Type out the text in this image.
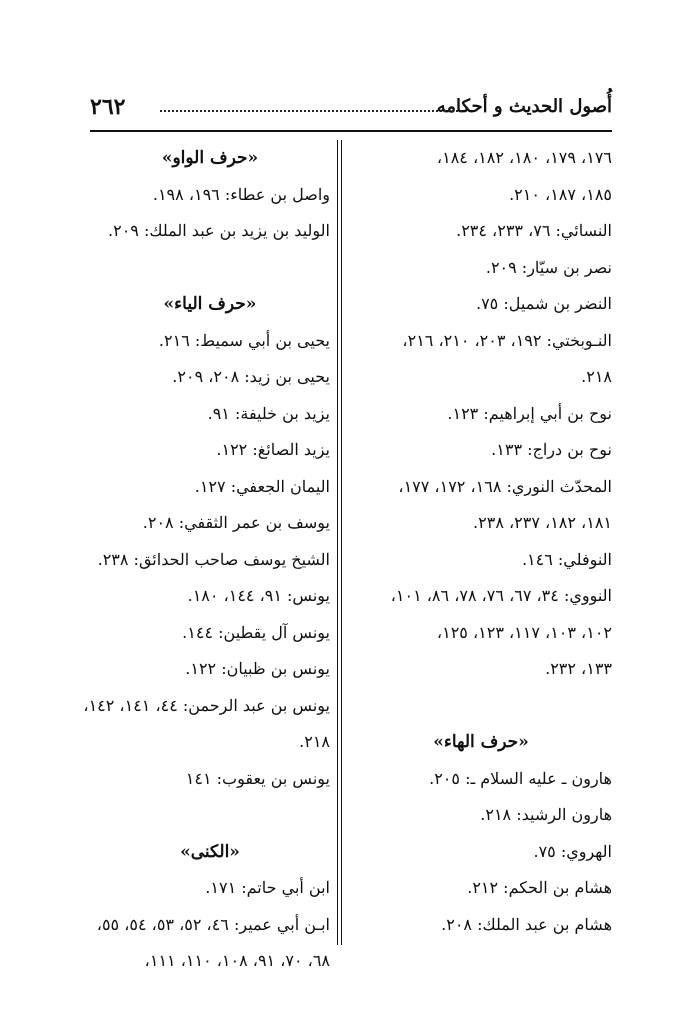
أُصول الحديث و أحكامه
٢٦٢
١٧٦، ١٧٩، ١٨٠، ١٨٢، ١٨٤،
١٨٥، ١٨٧، ٢١٠.
النسائي: ٧٦، ٢٣٣، ٢٣٤.
نصر بن سيّار: ٢٠٩.
النضر بن شميل: ٧٥.
النـوبختي: ١٩٢، ٢٠٣، ٢١٠، ٢١٦،
٢١٨.
نوح بن أبي إبراهيم: ١٢٣.
نوح بن دراج: ١٣٣.
المحدّث النوري: ١٦٨، ١٧٢، ١٧٧،
١٨١، ١٨٢، ٢٣٧، ٢٣٨.
النوفلي: ١٤٦.
النووي: ٣٤، ٦٧، ٧٦، ٧٨، ٨٦، ١٠١،
١٠٢، ١٠٣، ١١٧، ١٢٣، ١٢٥،
١٣٣، ٢٣٢.
«حرف الهاء»
هارون ـ عليه السلام ـ: ٢٠٥.
هارون الرشيد: ٢١٨.
الهروي: ٧٥.
هشام بن الحكم: ٢١٢.
هشام بن عبد الملك: ٢٠٨.
«حرف الواو»
واصل بن عطاء: ١٩٦، ١٩٨.
الوليد بن يزيد بن عبد الملك: ٢٠٩.
«حرف الياء»
يحيى بن أبي سميط: ٢١٦.
يحيى بن زيد: ٢٠٨، ٢٠٩.
يزيد بن خليفة: ٩١.
يزيد الصائغ: ١٢٢.
اليمان الجعفي: ١٢٧.
يوسف بن عمر الثقفي: ٢٠٨.
الشيخ يوسف صاحب الحدائق: ٢٣٨.
يونس: ٩١، ١٤٤، ١٨٠.
يونس آل يقطين: ١٤٤.
يونس بن ظبيان: ١٢٢.
يونس بن عبد الرحمن: ٤٤، ١٤١، ١٤٢،
٢١٨.
يونس بن يعقوب: ١٤١
«الكنى»
ابن أبي حاتم: ١٧١.
ابـن أبي عمير: ٤٦، ٥٢، ٥٣، ٥٤، ٥٥،
٦٨، ٧٠، ٩١، ١٠٨، ١١٠، ١١١،
